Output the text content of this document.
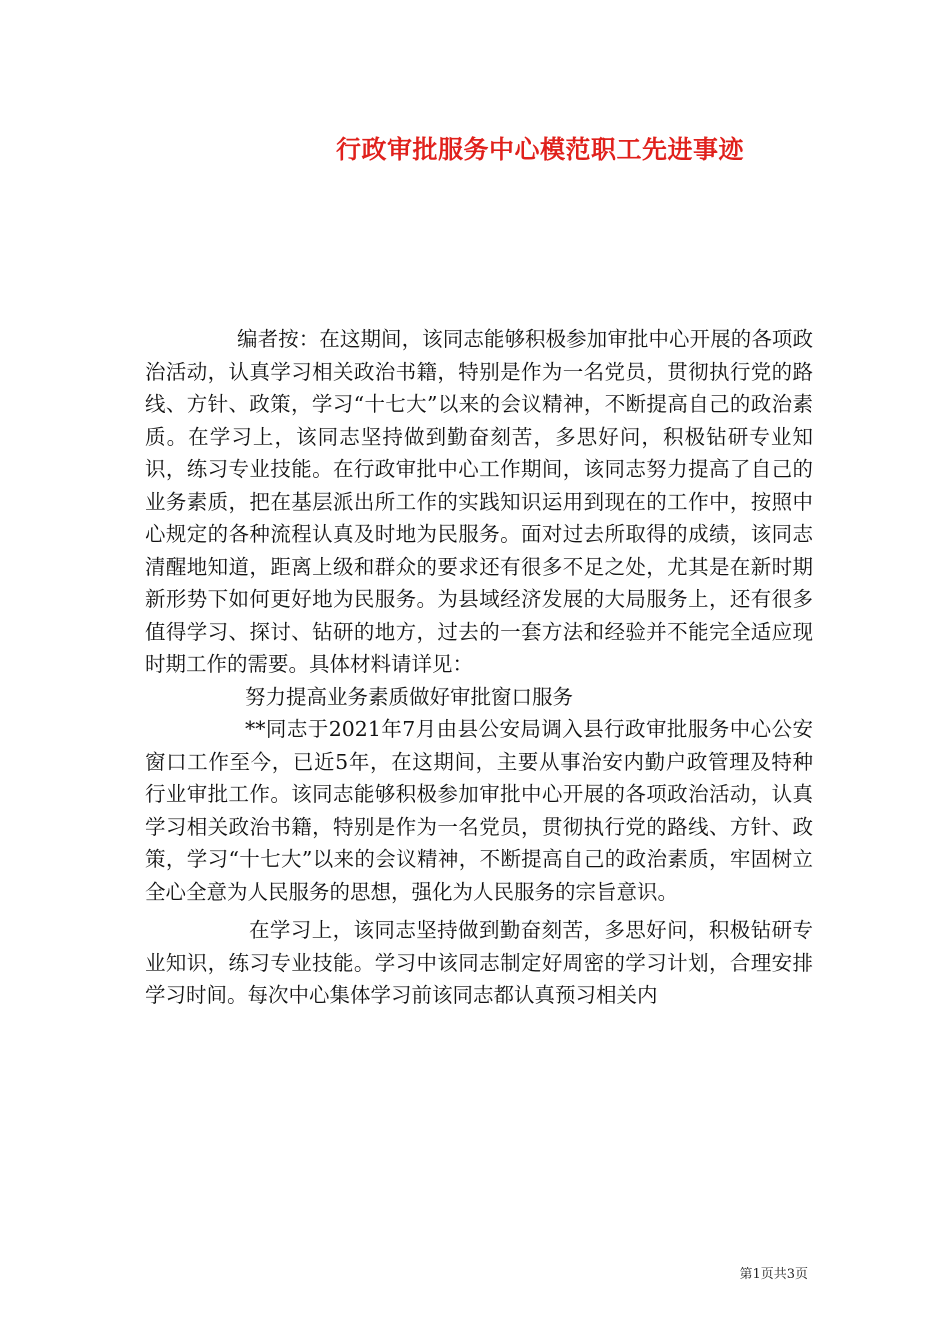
行政审批服务中心模范职工先进事迹

编者按：在这期间，该同志能够积极参加审批中心开展的各项政治活动，认真学习相关政治书籍，特别是作为一名党员，贯彻执行党的路线、方针、政策，学习“十七大”以来的会议精神，不断提高自己的政治素质。在学习上，该同志坚持做到勤奋刻苦，多思好问，积极钻研专业知识，练习专业技能。在行政审批中心工作期间，该同志努力提高了自己的业务素质，把在基层派出所工作的实践知识运用到现在的工作中，按照中心规定的各种流程认真及时地为民服务。面对过去所取得的成绩，该同志清醒地知道，距离上级和群众的要求还有很多不足之处，尤其是在新时期新形势下如何更好地为民服务。为县域经济发展的大局服务上，还有很多值得学习、探讨、钻研的地方，过去的一套方法和经验并不能完全适应现时期工作的需要。具体材料请详见：

努力提高业务素质做好审批窗口服务

**同志于2021年7月由县公安局调入县行政审批服务中心公安窗口工作至今，已近5年，在这期间，主要从事治安内勤户政管理及特种行业审批工作。该同志能够积极参加审批中心开展的各项政治活动，认真学习相关政治书籍，特别是作为一名党员，贯彻执行党的路线、方针、政策，学习“十七大”以来的会议精神，不断提高自己的政治素质，牢固树立全心全意为人民服务的思想，强化为人民服务的宗旨意识。

在学习上，该同志坚持做到勤奋刻苦，多思好问，积极钻研专业知识，练习专业技能。学习中该同志制定好周密的学习计划，合理安排学习时间。每次中心集体学习前该同志都认真预习相关内

第1页共3页
